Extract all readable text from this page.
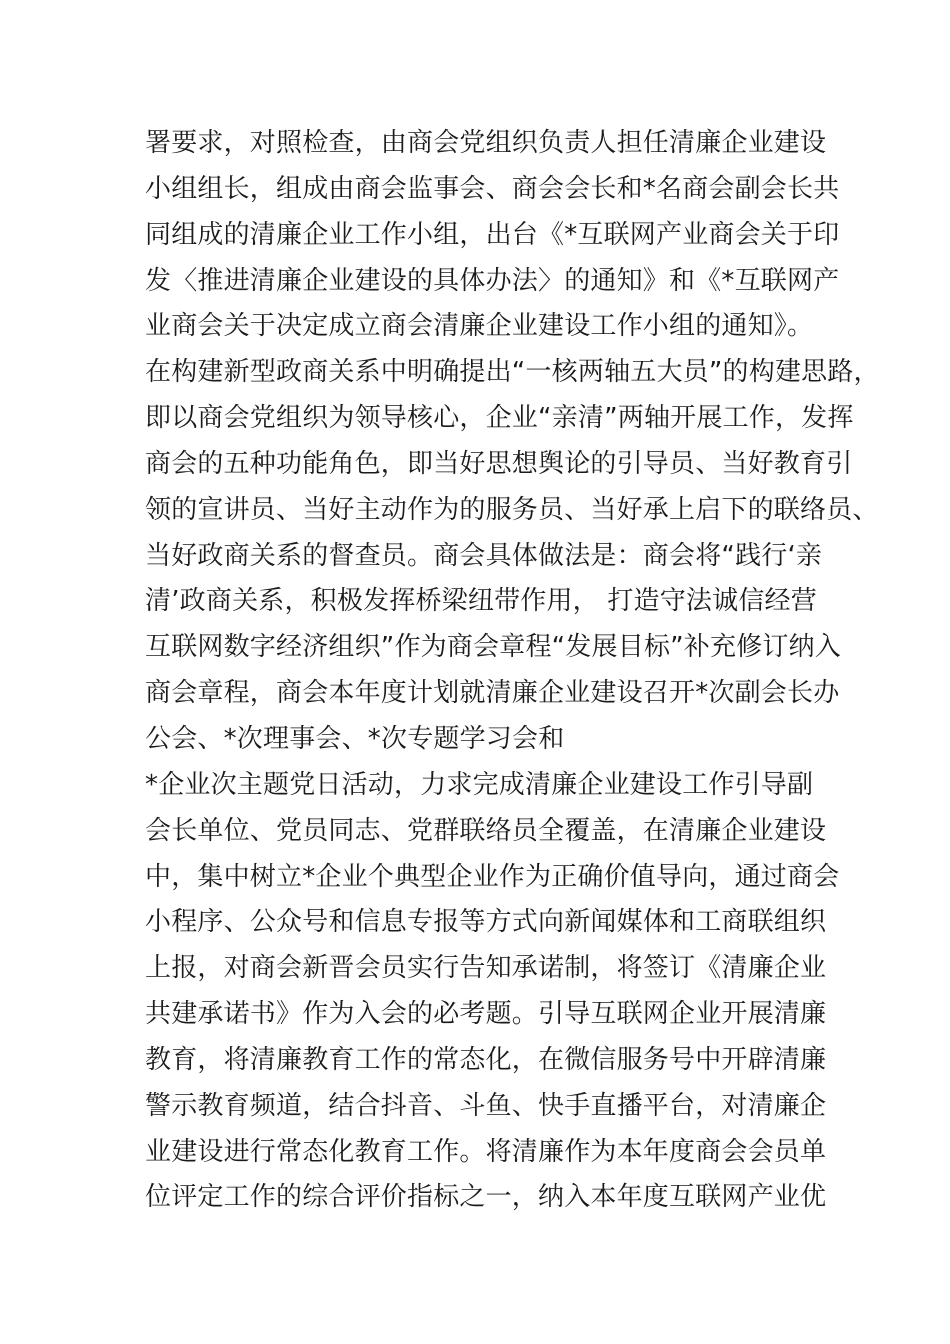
署要求，对照检查，由商会党组织负责人担任清廉企业建设
小组组长，组成由商会监事会、商会会长和*名商会副会长共
同组成的清廉企业工作小组，出台《*互联网产业商会关于印
发〈推进清廉企业建设的具体办法〉的通知》和《*互联网产
业商会关于决定成立商会清廉企业建设工作小组的通知》。
在构建新型政商关系中明确提出“一核两轴五大员”的构建思路，
即以商会党组织为领导核心，企业“亲清”两轴开展工作，发挥
商会的五种功能角色，即当好思想舆论的引导员、当好教育引
领的宣讲员、当好主动作为的服务员、当好承上启下的联络员、
当好政商关系的督查员。商会具体做法是：商会将“践行‘亲
清’政商关系，积极发挥桥梁纽带作用， 打造守法诚信经营
互联网数字经济组织”作为商会章程“发展目标”补充修订纳入
商会章程，商会本年度计划就清廉企业建设召开*次副会长办
公会、*次理事会、*次专题学习会和
*企业次主题党日活动，力求完成清廉企业建设工作引导副
会长单位、党员同志、党群联络员全覆盖，在清廉企业建设
中，集中树立*企业个典型企业作为正确价值导向，通过商会
小程序、公众号和信息专报等方式向新闻媒体和工商联组织
上报，对商会新晋会员实行告知承诺制，将签订《清廉企业
共建承诺书》作为入会的必考题。引导互联网企业开展清廉
教育，将清廉教育工作的常态化，在微信服务号中开辟清廉
警示教育频道，结合抖音、斗鱼、快手直播平台，对清廉企
业建设进行常态化教育工作。将清廉作为本年度商会会员单
位评定工作的综合评价指标之一，纳入本年度互联网产业优
